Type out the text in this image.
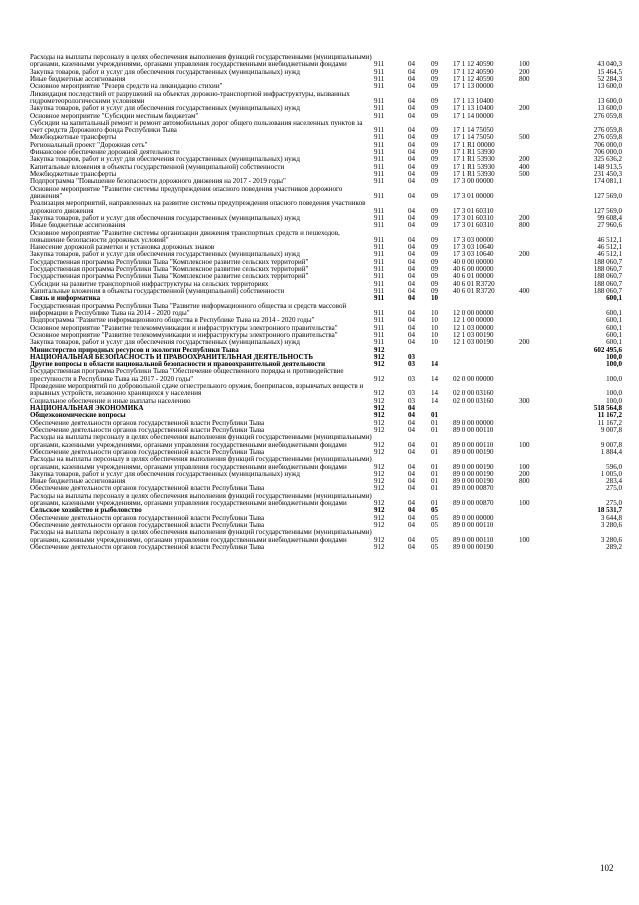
Расходы на выплаты персоналу в целях обеспечения выполнения функций государственными (муниципальными) органами, казенными учреждениями, органами управления государственными внебюджетными фондами	911	04	09	17 1 12 40590	100	43 040,3
Закупка товаров, работ и услуг для обеспечения государственных (муниципальных) нужд	911	04	09	17 1 12 40590	200	15 464,5
Иные бюджетные ассигнования	911	04	09	17 1 12 40590	800	52 284,3
Основное мероприятие "Резерв средств на ликвидацию стихии"	911	04	09	17 1 13 00000		13 600,0
Ликвидация последствий от разрушений на объектах дорожно-транспортной инфраструктуры, вызванных гидрометеорологическими условиями	911	04	09	17 1 13 10400		13 600,0
Закупка товаров, работ и услуг для обеспечения государственных (муниципальных) нужд	911	04	09	17 1 13 10400	200	13 600,0
Основное мероприятие "Субсидии местным бюджетам"	911	04	09	17 1 14 00000		276 059,8
Субсидии на капитальный ремонт и ремонт автомобильных дорог общего пользования населенных пунктов за счет средств Дорожного фонда Республики Тыва	911	04	09	17 1 14 75050		276 059,8
Межбюджетные трансферты	911	04	09	17 1 14 75050	500	276 059,8
Региональный проект "Дорожная сеть"	911	04	09	17 1 R1 00000		706 000,0
Финансовое обеспечение дорожной деятельности	911	04	09	17 1 R1 53930		706 000,0
Закупка товаров, работ и услуг для обеспечения государственных (муниципальных) нужд	911	04	09	17 1 R1 53930	200	325 636,2
Капитальные вложения в объекты государственной (муниципальной) собственности	911	04	09	17 1 R1 53930	400	148 913,5
Межбюджетные трансферты	911	04	09	17 1 R1 53930	500	231 450,3
Подпрограмма "Повышение безопасности дорожного движения на 2017 - 2019 годы"	911	04	09	17 3 00 00000		174 081,1
Основное мероприятие "Развитие системы предупреждения опасного поведения участников дорожного движения"	911	04	09	17 3 01 00000		127 569,0
Реализация мероприятий, направленных на развитие системы предупреждения опасного поведения участников дорожного движения	911	04	09	17 3 01 60310		127 569,0
Закупка товаров, работ и услуг для обеспечения государственных (муниципальных) нужд	911	04	09	17 3 01 60310	200	99 608,4
Иные бюджетные ассигнования	911	04	09	17 3 01 60310	800	27 960,6
Основное мероприятие "Развитие системы организации движения транспортных средств и пешеходов, повышение безопасности дорожных условий"	911	04	09	17 3 03 00000		46 512,1
Нанесение дорожной разметки и установка дорожных знаков	911	04	09	17 3 03 10640		46 512,1
Закупка товаров, работ и услуг для обеспечения государственных (муниципальных) нужд	911	04	09	17 3 03 10640	200	46 512,1
Государственная программа Республики Тыва "Комплексное развитие сельских территорий"	911	04	09	40 0 00 00000		188 060,7
Государственная программа Республики Тыва "Комплексное развитие сельских территорий"	911	04	09	40 6 00 00000		188 060,7
Государственная программа Республики Тыва "Комплексное развитие сельских территорий"	911	04	09	40 6 01 00000		188 060,7
Субсидии на развитие транспортной инфраструктуры на сельских территориях	911	04	09	40 6 01 R3720		188 060,7
Капитальные вложения в объекты государственной (муниципальной) собственности	911	04	09	40 6 01 R3720	400	188 060,7
Связь и информатика	911	04	10			600,1
Государственная программа Республики Тыва "Развитие информационного общества и средств массовой информации в Республике Тыва на 2014 - 2020 годы"	911	04	10	12 0 00 00000		600,1
Подпрограмма "Развитие информационного общества в Республике Тыва на 2014 - 2020 годы"	911	04	10	12 1 00 00000		600,1
Основное мероприятие "Развитие телекоммуникации и инфраструктуры электронного правительства"	911	04	10	12 1 03 00000		600,1
Основное мероприятие "Развитие телекоммуникации и инфраструктуры электронного правительства"	911	04	10	12 1 03 00190		600,1
Закупка товаров, работ и услуг для обеспечения государственных (муниципальных) нужд	911	04	10	12 1 03 00190	200	600,1
Министерство природных ресурсов и экологии Республики Тыва	912					602 495,6
НАЦИОНАЛЬНАЯ БЕЗОПАСНОСТЬ И ПРАВООХРАНИТЕЛЬНАЯ ДЕЯТЕЛЬНОСТЬ	912	03				100,0
Другие вопросы в области национальной безопасности и правоохранительной деятельности	912	03	14			100,0
Государственная программа Республики Тыва "Обеспечение общественного порядка и противодействие преступности в Республике Тыва на 2017 - 2020 годы"	912	03	14	02 0 00 00000		100,0
Проведение мероприятий по добровольной сдаче огнестрельного оружия, боеприпасов, взрывчатых веществ и взрывных устройств, незаконно хранящихся у населения	912	03	14	02 0 00 03160		100,0
Социальное обеспечение и иные выплаты населению	912	03	14	02 0 00 03160	300	100,0
НАЦИОНАЛЬНАЯ ЭКОНОМИКА	912	04				518 564,8
Общеэкономические вопросы	912	04	01			11 167,2
Обеспечение деятельности органов государственной власти Республики Тыва	912	04	01	89 0 00 00000		11 167,2
Обеспечение деятельности органов государственной власти Республики Тыва	912	04	01	89 0 00 00110		9 007,8
Расходы на выплаты персоналу в целях обеспечения выполнения функций государственными (муниципальными) органами, казенными учреждениями, органами управления государственными внебюджетными фондами	912	04	01	89 0 00 00110	100	9 007,8
Обеспечение деятельности органов государственной власти Республики Тыва	912	04	01	89 0 00 00190		1 884,4
Расходы на выплаты персоналу в целях обеспечения выполнения функций государственными (муниципальными) органами, казенными учреждениями, органами управления государственными внебюджетными фондами	912	04	01	89 0 00 00190	100	596,0
Закупка товаров, работ и услуг для обеспечения государственных (муниципальных) нужд	912	04	01	89 0 00 00190	200	1 005,0
Иные бюджетные ассигнования	912	04	01	89 0 00 00190	800	283,4
Обеспечение деятельности органов государственной власти Республики Тыва	912	04	01	89 0 00 00870		275,0
Расходы на выплаты персоналу в целях обеспечения выполнения функций государственными (муниципальными) органами, казенными учреждениями, органами управления государственными внебюджетными фондами	912	04	01	89 0 00 00870	100	275,0
Сельское хозяйство и рыболовство	912	04	05			18 531,7
Обеспечение деятельности органов государственной власти Республики Тыва	912	04	05	89 0 00 00000		3 644,8
Обеспечение деятельности органов государственной власти Республики Тыва	912	04	05	89 0 00 00110		3 280,6
Расходы на выплаты персоналу в целях обеспечения выполнения функций государственными (муниципальными) органами, казенными учреждениями, органами управления государственными внебюджетными фондами	912	04	05	89 0 00 00110	100	3 280,6
Обеспечение деятельности органов государственной власти Республики Тыва	912	04	05	89 0 00 00190		289,2
102
